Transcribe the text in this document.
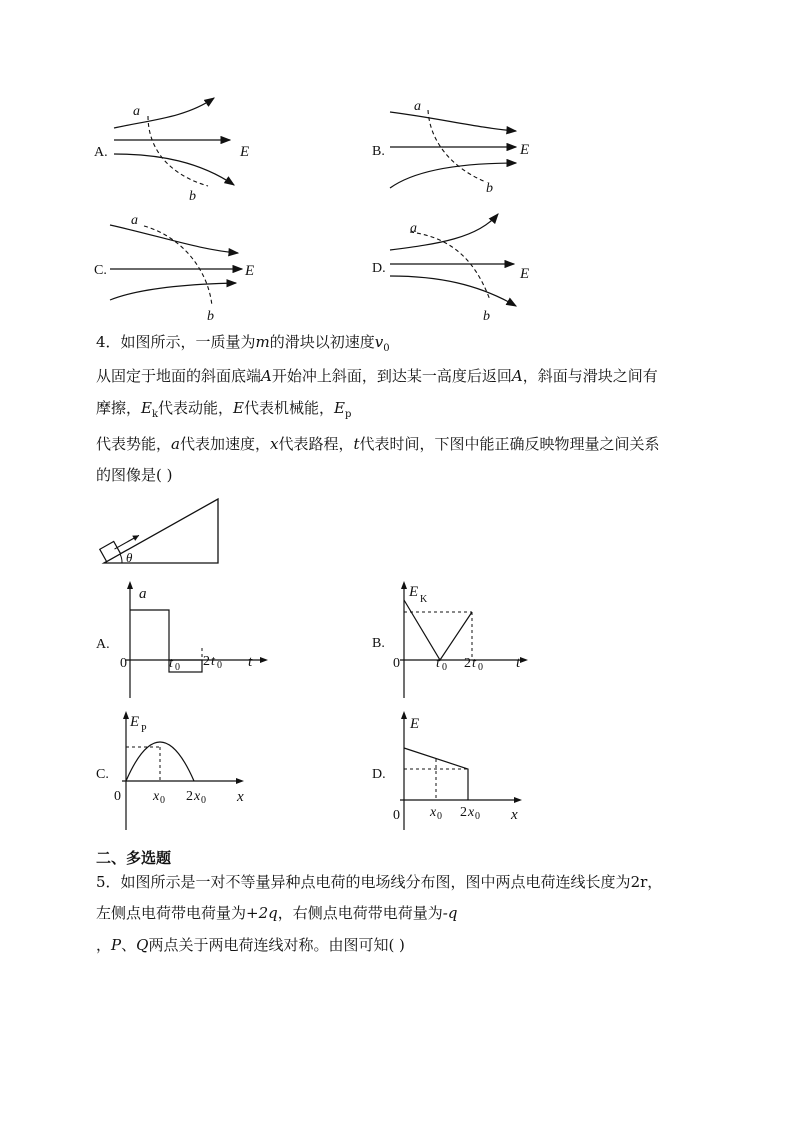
A.
a
b
E	B.
a
b
E
C.
a
b
E	D.
a
b
E
4．如图所示，一质量为m的滑块以初速度$v_0$
从固定于地面的斜面底端A开始冲上斜面，到达某一高度后返回A，斜面与滑块之间有
摩擦，$E_k$代表动能，E代表机械能，$E_p$
代表势能，a代表加速度，x代表路程，t代表时间，下图中能正确反映物理量之间关系
的图像是( )
θ
A.
a
0	t 0 2 t 0 t
B.
E K
0	t 0 2 t 0 t
C.
E P
0 x 0 2 x 0 x
D.
E
0 x 0 2 x 0 x
二、多选题
5．如图所示是一对不等量异种点电荷的电场线分布图，图中两点电荷连线长度为2r，
左侧点电荷带电荷量为+2q，右侧点电荷带电荷量为-q
，P、Q两点关于两电荷连线对称。由图可知( )
